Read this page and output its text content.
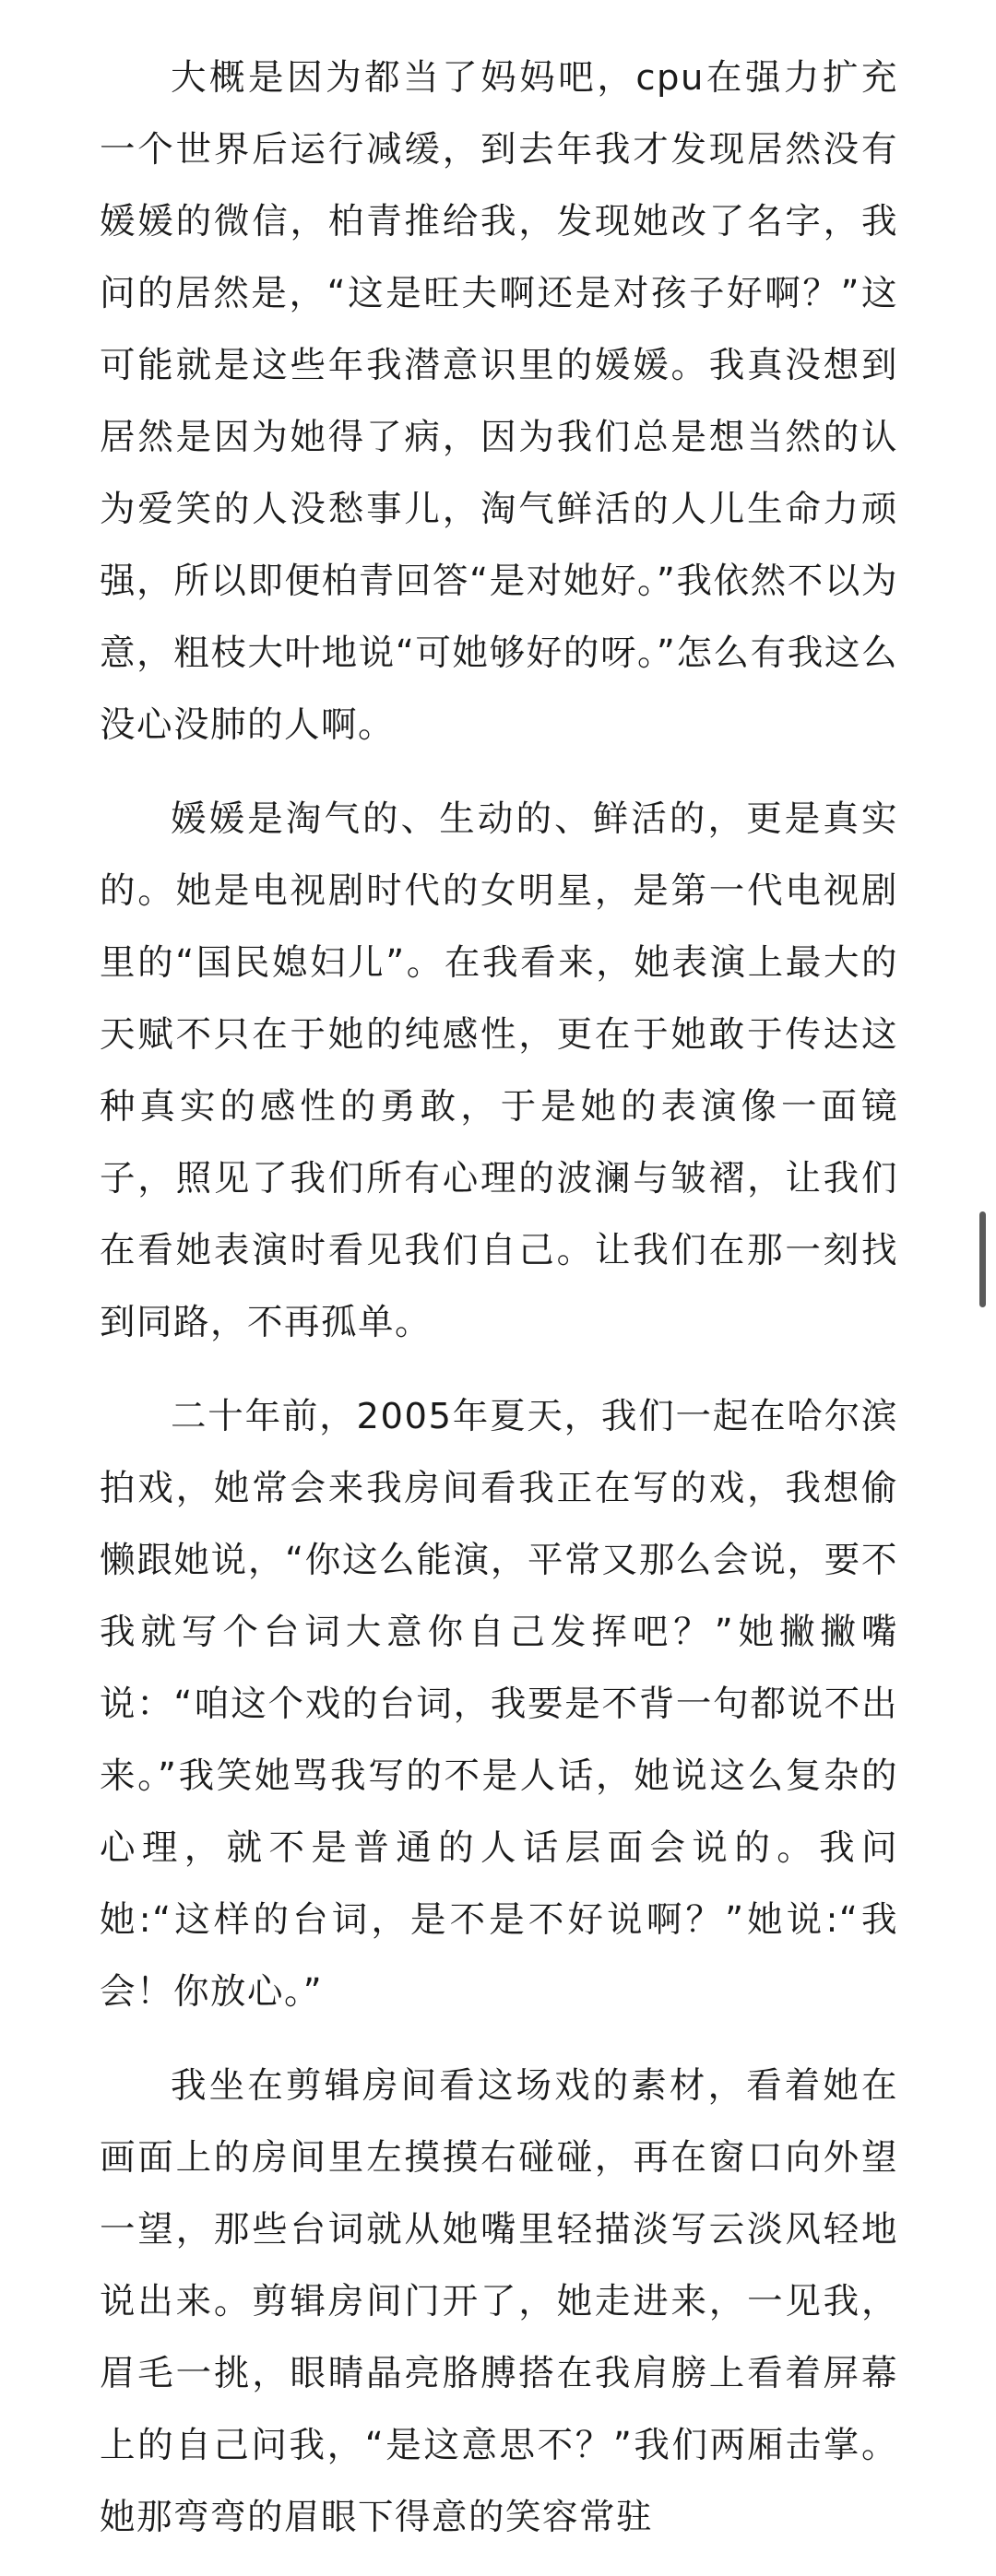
大概是因为都当了妈妈吧，cpu在强力扩充一个世界后运行减缓，到去年我才发现居然没有媛媛的微信，柏青推给我，发现她改了名字，我问的居然是，“这是旺夫啊还是对孩子好啊？”这可能就是这些年我潜意识里的媛媛。我真没想到居然是因为她得了病，因为我们总是想当然的认为爱笑的人没愁事儿，淘气鲜活的人儿生命力顽强，所以即便柏青回答“是对她好。”我依然不以为意，粗枝大叶地说“可她够好的呀。”怎么有我这么没心没肺的人啊。

媛媛是淘气的、生动的、鲜活的，更是真实的。她是电视剧时代的女明星，是第一代电视剧里的“国民媳妇儿”。在我看来，她表演上最大的天赋不只在于她的纯感性，更在于她敢于传达这种真实的感性的勇敢，于是她的表演像一面镜子，照见了我们所有心理的波澜与皱褶，让我们在看她表演时看见我们自己。让我们在那一刻找到同路，不再孤单。

二十年前，2005年夏天，我们一起在哈尔滨拍戏，她常会来我房间看我正在写的戏，我想偷懒跟她说，“你这么能演，平常又那么会说，要不我就写个台词大意你自己发挥吧？”她撇撇嘴说：“咱这个戏的台词，我要是不背一句都说不出来。”我笑她骂我写的不是人话，她说这么复杂的心理，就不是普通的人话层面会说的。我问她:“这样的台词，是不是不好说啊？”她说:“我会！你放心。”

我坐在剪辑房间看这场戏的素材，看着她在画面上的房间里左摸摸右碰碰，再在窗口向外望一望，那些台词就从她嘴里轻描淡写云淡风轻地说出来。剪辑房间门开了，她走进来，一见我，眉毛一挑，眼睛晶亮胳膊搭在我肩膀上看着屏幕上的自己问我，“是这意思不？”我们两厢击掌。她那弯弯的眉眼下得意的笑容常驻
